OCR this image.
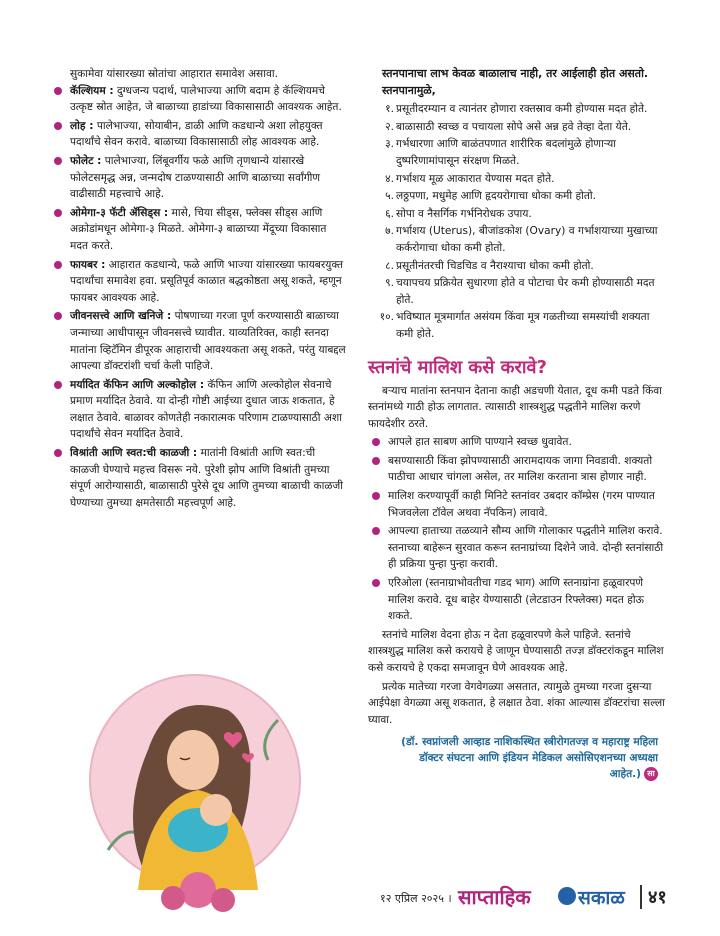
सुकामेवा यांसारख्या स्रोतांचा आहारात समावेश असावा.

कॅल्शियम : दुग्धजन्य पदार्थ, पालेभाज्या आणि बदाम हे कॅल्शियमचे उत्कृष्ट स्रोत आहेत, जे बाळाच्या हाडांच्या विकासासाठी आवश्यक आहेत.
लोह : पालेभाज्या, सोयाबीन, डाळी आणि कडधान्ये अशा लोहयुक्त पदार्थांचे सेवन करावे. बाळाच्या विकासासाठी लोह आवश्यक आहे.
फोलेट : पालेभाज्या, लिंबूवर्गीय फळे आणि तृणधान्ये यांसारखे फोलेटसमृद्ध अन्न, जन्मदोष टाळण्यासाठी आणि बाळाच्या सर्वांगीण वाढीसाठी महत्त्वाचे आहे.
ओमेगा-३ फॅटी ॲसिड्स : मासे, चिया सीड्स, फ्लेक्स सीड्स आणि अक्रोडांमधून ओमेगा-३ मिळते. ओमेगा-३ बाळाच्या मेंदूच्या विकासात मदत करते.
फायबर : आहारात कडधान्ये, फळे आणि भाज्या यांसारख्या फायबरयुक्त पदार्थांचा समावेश हवा. प्रसूतिपूर्व काळात बद्धकोष्ठता असू शकते, म्हणून फायबर आवश्यक आहे.
जीवनसत्त्वे आणि खनिजे : पोषणाच्या गरजा पूर्ण करण्यासाठी बाळाच्या जन्माच्या आधीपासून जीवनसत्त्वे घ्यावीत. याव्यतिरिक्त, काही स्तनदा मातांना व्हिटॅमिन डीपूरक आहाराची आवश्यकता असू शकते, परंतु याबद्दल आपल्या डॉक्टरांशी चर्चा केली पाहिजे.
मर्यादित कॅफिन आणि अल्कोहोल : कॅफिन आणि अल्कोहोल सेवनाचे प्रमाण मर्यादित ठेवावे. या दोन्ही गोष्टी आईच्या दुधात जाऊ शकतात, हे लक्षात ठेवावे. बाळावर कोणतेही नकारात्मक परिणाम टाळण्यासाठी अशा पदार्थांचे सेवन मर्यादित ठेवावे.
विश्रांती आणि स्वत:ची काळजी : मातांनी विश्रांती आणि स्वत:ची काळजी घेण्याचे महत्त्व विसरू नये. पुरेशी झोप आणि विश्रांती तुमच्या संपूर्ण आरोग्यासाठी, बाळासाठी पुरेसे दूध आणि तुमच्या बाळाची काळजी घेण्याच्या तुमच्या क्षमतेसाठी महत्त्वपूर्ण आहे.

स्तनपानाचा लाभ केवळ बाळालाच नाही, तर आईलाही होत असतो. स्तनपानामुळे,

१. प्रसूतीदरम्यान व त्यानंतर होणारा रक्तस्राव कमी होण्यास मदत होते.
२. बाळासाठी स्वच्छ व पचायला सोपे असे अन्न हवे तेव्हा देता येते.
३. गर्भधारणा आणि बाळंतपणात शारीरिक बदलांमुळे होणाऱ्या दुष्परिणामांपासून संरक्षण मिळते.
४. गर्भाशय मूळ आकारात येण्यास मदत होते.
५. लठ्ठपणा, मधुमेह आणि हृदयरोगाचा धोका कमी होतो.
६. सोपा व नैसर्गिक गर्भनिरोधक उपाय.
७. गर्भाशय (Uterus), बीजांडकोश (Ovary) व गर्भाशयाच्या मुखाच्या कर्करोगाचा धोका कमी होतो.
८. प्रसूतीनंतरची चिडचिड व नैराश्याचा धोका कमी होतो.
९. चयापचय प्रक्रियेत सुधारणा होते व पोटाचा घेर कमी होण्यासाठी मदत होते.
१०. भविष्यात मूत्रमार्गात असंयम किंवा मूत्र गळतीच्या समस्यांची शक्यता कमी होते.
स्तनांचे मालिश कसे करावे?

बऱ्याच मातांना स्तनपान देताना काही अडचणी येतात, दूध कमी पडते किंवा स्तनांमध्ये गाठी होऊ लागतात. त्यासाठी शास्त्रशुद्ध पद्धतीने मालिश करणे फायदेशीर ठरते.

आपले हात साबण आणि पाण्याने स्वच्छ धुवावेत.
बसण्यासाठी किंवा झोपण्यासाठी आरामदायक जागा निवडावी. शक्यतो पाठीचा आधार चांगला असेल, तर मालिश करताना त्रास होणार नाही.
मालिश करण्यापूर्वी काही मिनिटे स्तनांवर उबदार कॉम्प्रेस (गरम पाण्यात भिजवलेला टॉवेल अथवा नॅपकिन) लावावे.
आपल्या हाताच्या तळव्याने सौम्य आणि गोलाकार पद्धतीने मालिश करावे. स्तनाच्या बाहेरून सुरवात करून स्तनाग्रांच्या दिशेने जावे. दोन्ही स्तनांसाठी ही प्रक्रिया पुन्हा पुन्हा करावी.
एरिओला (स्तनाग्राभोवतीचा गडद भाग) आणि स्तनाग्रांना हळूवारपणे मालिश करावे. दूध बाहेर येण्यासाठी (लेटडाउन रिफ्लेक्स) मदत होऊ शकते.

स्तनांचे मालिश वेदना होऊ न देता हळूवारपणे केले पाहिजे. स्तनांचे शास्त्रशुद्ध मालिश कसे करायचे हे जाणून घेण्यासाठी तज्ज्ञ डॉक्टरांकडून मालिश कसे करायचे हे एकदा समजावून घेणे आवश्यक आहे.

प्रत्येक मातेच्या गरजा वेगवेगळ्या असतात, त्यामुळे तुमच्या गरजा दुसऱ्या आईपेक्षा वेगळ्या असू शकतात, हे लक्षात ठेवा. शंका आल्यास डॉक्टरांचा सल्ला घ्यावा.

(डॉ. स्वप्नांजली आव्हाड नाशिकस्थित स्त्रीरोगतज्ज्ञ व महाराष्ट्र महिला डॉक्टर संघटना आणि इंडियन मेडिकल असोसिएशनच्या अध्यक्षा आहेत.) सा
१२ एप्रिल २०२५ । साप्ताहिक सकाळ ४१
